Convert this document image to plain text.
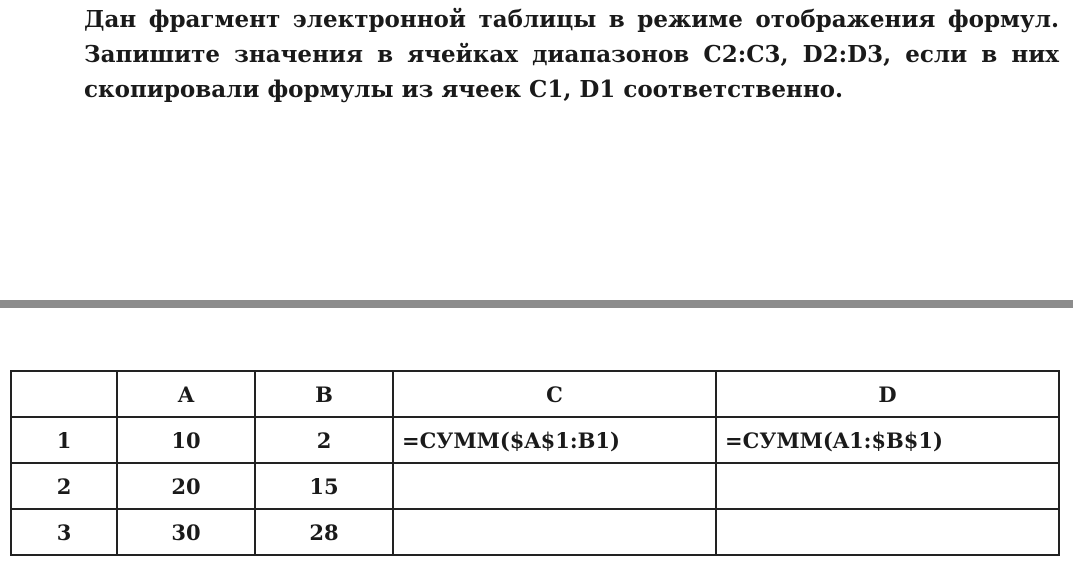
Дан фрагмент электронной таблицы в режиме отображения формул. Запишите значения в ячейках диапазонов C2:C3, D2:D3, если в них скопировали формулы из ячеек C1, D1 соответственно.

	A	B	C	D
1	10	2	=СУММ($A$1:B1)	=СУММ(A1:$B$1)
2	20	15		
3	30	28		
